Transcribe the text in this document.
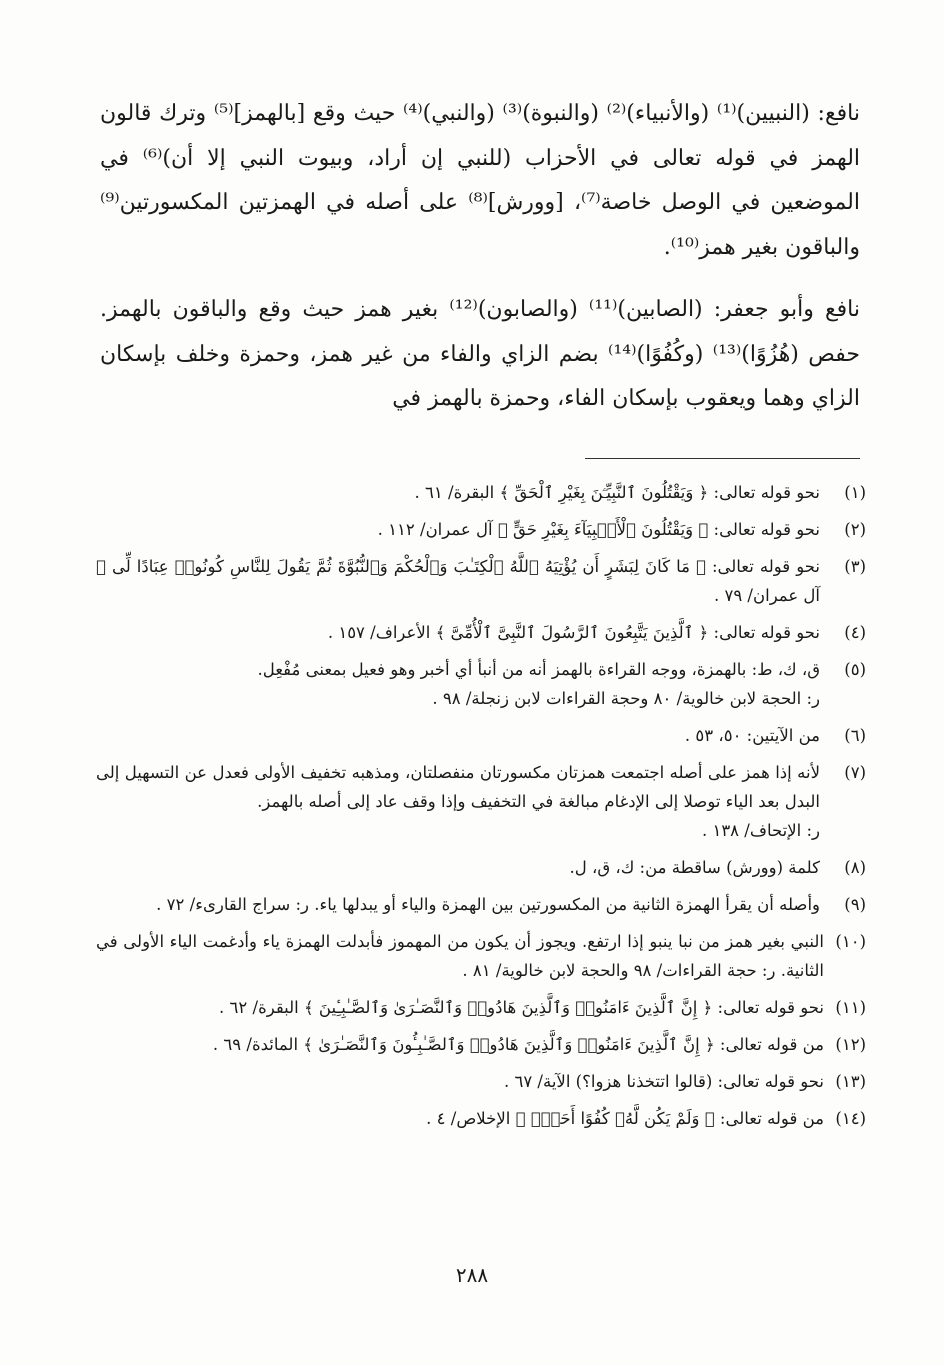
نافع: (النبيين)⁽¹⁾ (والأنبياء)⁽²⁾ (والنبوة)⁽³⁾ (والنبي)⁽⁴⁾ حيث وقع [بالهمز]⁽⁵⁾ وترك قالون الهمز في قوله تعالى في الأحزاب (للنبي إن أراد، وبيوت النبي إلا أن)⁽⁶⁾ في الموضعين في الوصل خاصة⁽⁷⁾، [وورش]⁽⁸⁾ على أصله في الهمزتين المكسورتين⁽⁹⁾ والباقون بغير همز⁽¹⁰⁾.

نافع وأبو جعفر: (الصابين)⁽¹¹⁾ (والصابون)⁽¹²⁾ بغير همز حيث وقع والباقون بالهمز. حفص (هُزُوًا)⁽¹³⁾ (وكُفُوًا)⁽¹⁴⁾ بضم الزاي والفاء من غير همز، وحمزة وخلف بإسكان الزاي وهما ويعقوب بإسكان الفاء، وحمزة بالهمز في

(١)
نحو قوله تعالى: ﴿ وَيَقْتُلُونَ ٱلنَّبِيِّـۧنَ بِغَيْرِ ٱلْحَقِّ ﴾ البقرة/ ٦١ .
(٢)
نحو قوله تعالى: ﴿ وَيَقْتُلُونَ ٱلْأَنۢبِيَآءَ بِغَيْرِ حَقٍّ ﴾ آل عمران/ ١١٢ .
(٣)
نحو قوله تعالى: ﴿ مَا كَانَ لِبَشَرٍ أَن يُؤْتِيَهُ ٱللَّهُ ٱلْكِتَـٰبَ وَٱلْحُكْمَ وَٱلنُّبُوَّةَ ثُمَّ يَقُولَ لِلنَّاسِ كُونُوا۟ عِبَادًا لِّى ﴾ آل عمران/ ٧٩ .
(٤)
نحو قوله تعالى: ﴿ ٱلَّذِينَ يَتَّبِعُونَ ٱلرَّسُولَ ٱلنَّبِىَّ ٱلْأُمِّىَّ ﴾ الأعراف/ ١٥٧ .
(٥)
ق، ك، ط: بالهمزة، ووجه القراءة بالهمز أنه من أنبأ أي أخبر وهو فعيل بمعنى مُفْعِل.
ر: الحجة لابن خالوية/ ٨٠ وحجة القراءات لابن زنجلة/ ٩٨ .
(٦)
من الآيتين: ٥٠، ٥٣ .
(٧)
لأنه إذا همز على أصله اجتمعت همزتان مكسورتان منفصلتان، ومذهبه تخفيف الأولى فعدل عن التسهيل إلى البدل بعد الياء توصلا إلى الإدغام مبالغة في التخفيف وإذا وقف عاد إلى أصله بالهمز.
ر: الإتحاف/ ١٣٨ .
(٨)
كلمة (وورش) ساقطة من: ك، ق، ل.
(٩)
وأصله أن يقرأ الهمزة الثانية من المكسورتين بين الهمزة والياء أو يبدلها ياء. ر: سراج القارىء/ ٧٢ .
(١٠)
النبي بغير همز من نبا ينبو إذا ارتفع. ويجوز أن يكون من المهموز فأبدلت الهمزة ياء وأدغمت الياء الأولى في الثانية. ر: حجة القراءات/ ٩٨ والحجة لابن خالوية/ ٨١ .
(١١)
نحو قوله تعالى: ﴿ إِنَّ ٱلَّذِينَ ءَامَنُوا۟ وَٱلَّذِينَ هَادُوا۟ وَٱلنَّصَـٰرَىٰ وَٱلصَّـٰبِـِٔينَ ﴾ البقرة/ ٦٢ .
(١٢)
من قوله تعالى: ﴿ إِنَّ ٱلَّذِينَ ءَامَنُوا۟ وَٱلَّذِينَ هَادُوا۟ وَٱلصَّـٰبِـُٔونَ وَٱلنَّصَـٰرَىٰ ﴾ المائدة/ ٦٩ .
(١٣)
نحو قوله تعالى: (قالوا اتتخذنا هزوا؟) الآية/ ٦٧ .
(١٤)
من قوله تعالى: ﴿ وَلَمْ يَكُن لَّهُۥ كُفُوًا أَحَدٌۢ ﴾ الإخلاص/ ٤ .
٢٨٨
